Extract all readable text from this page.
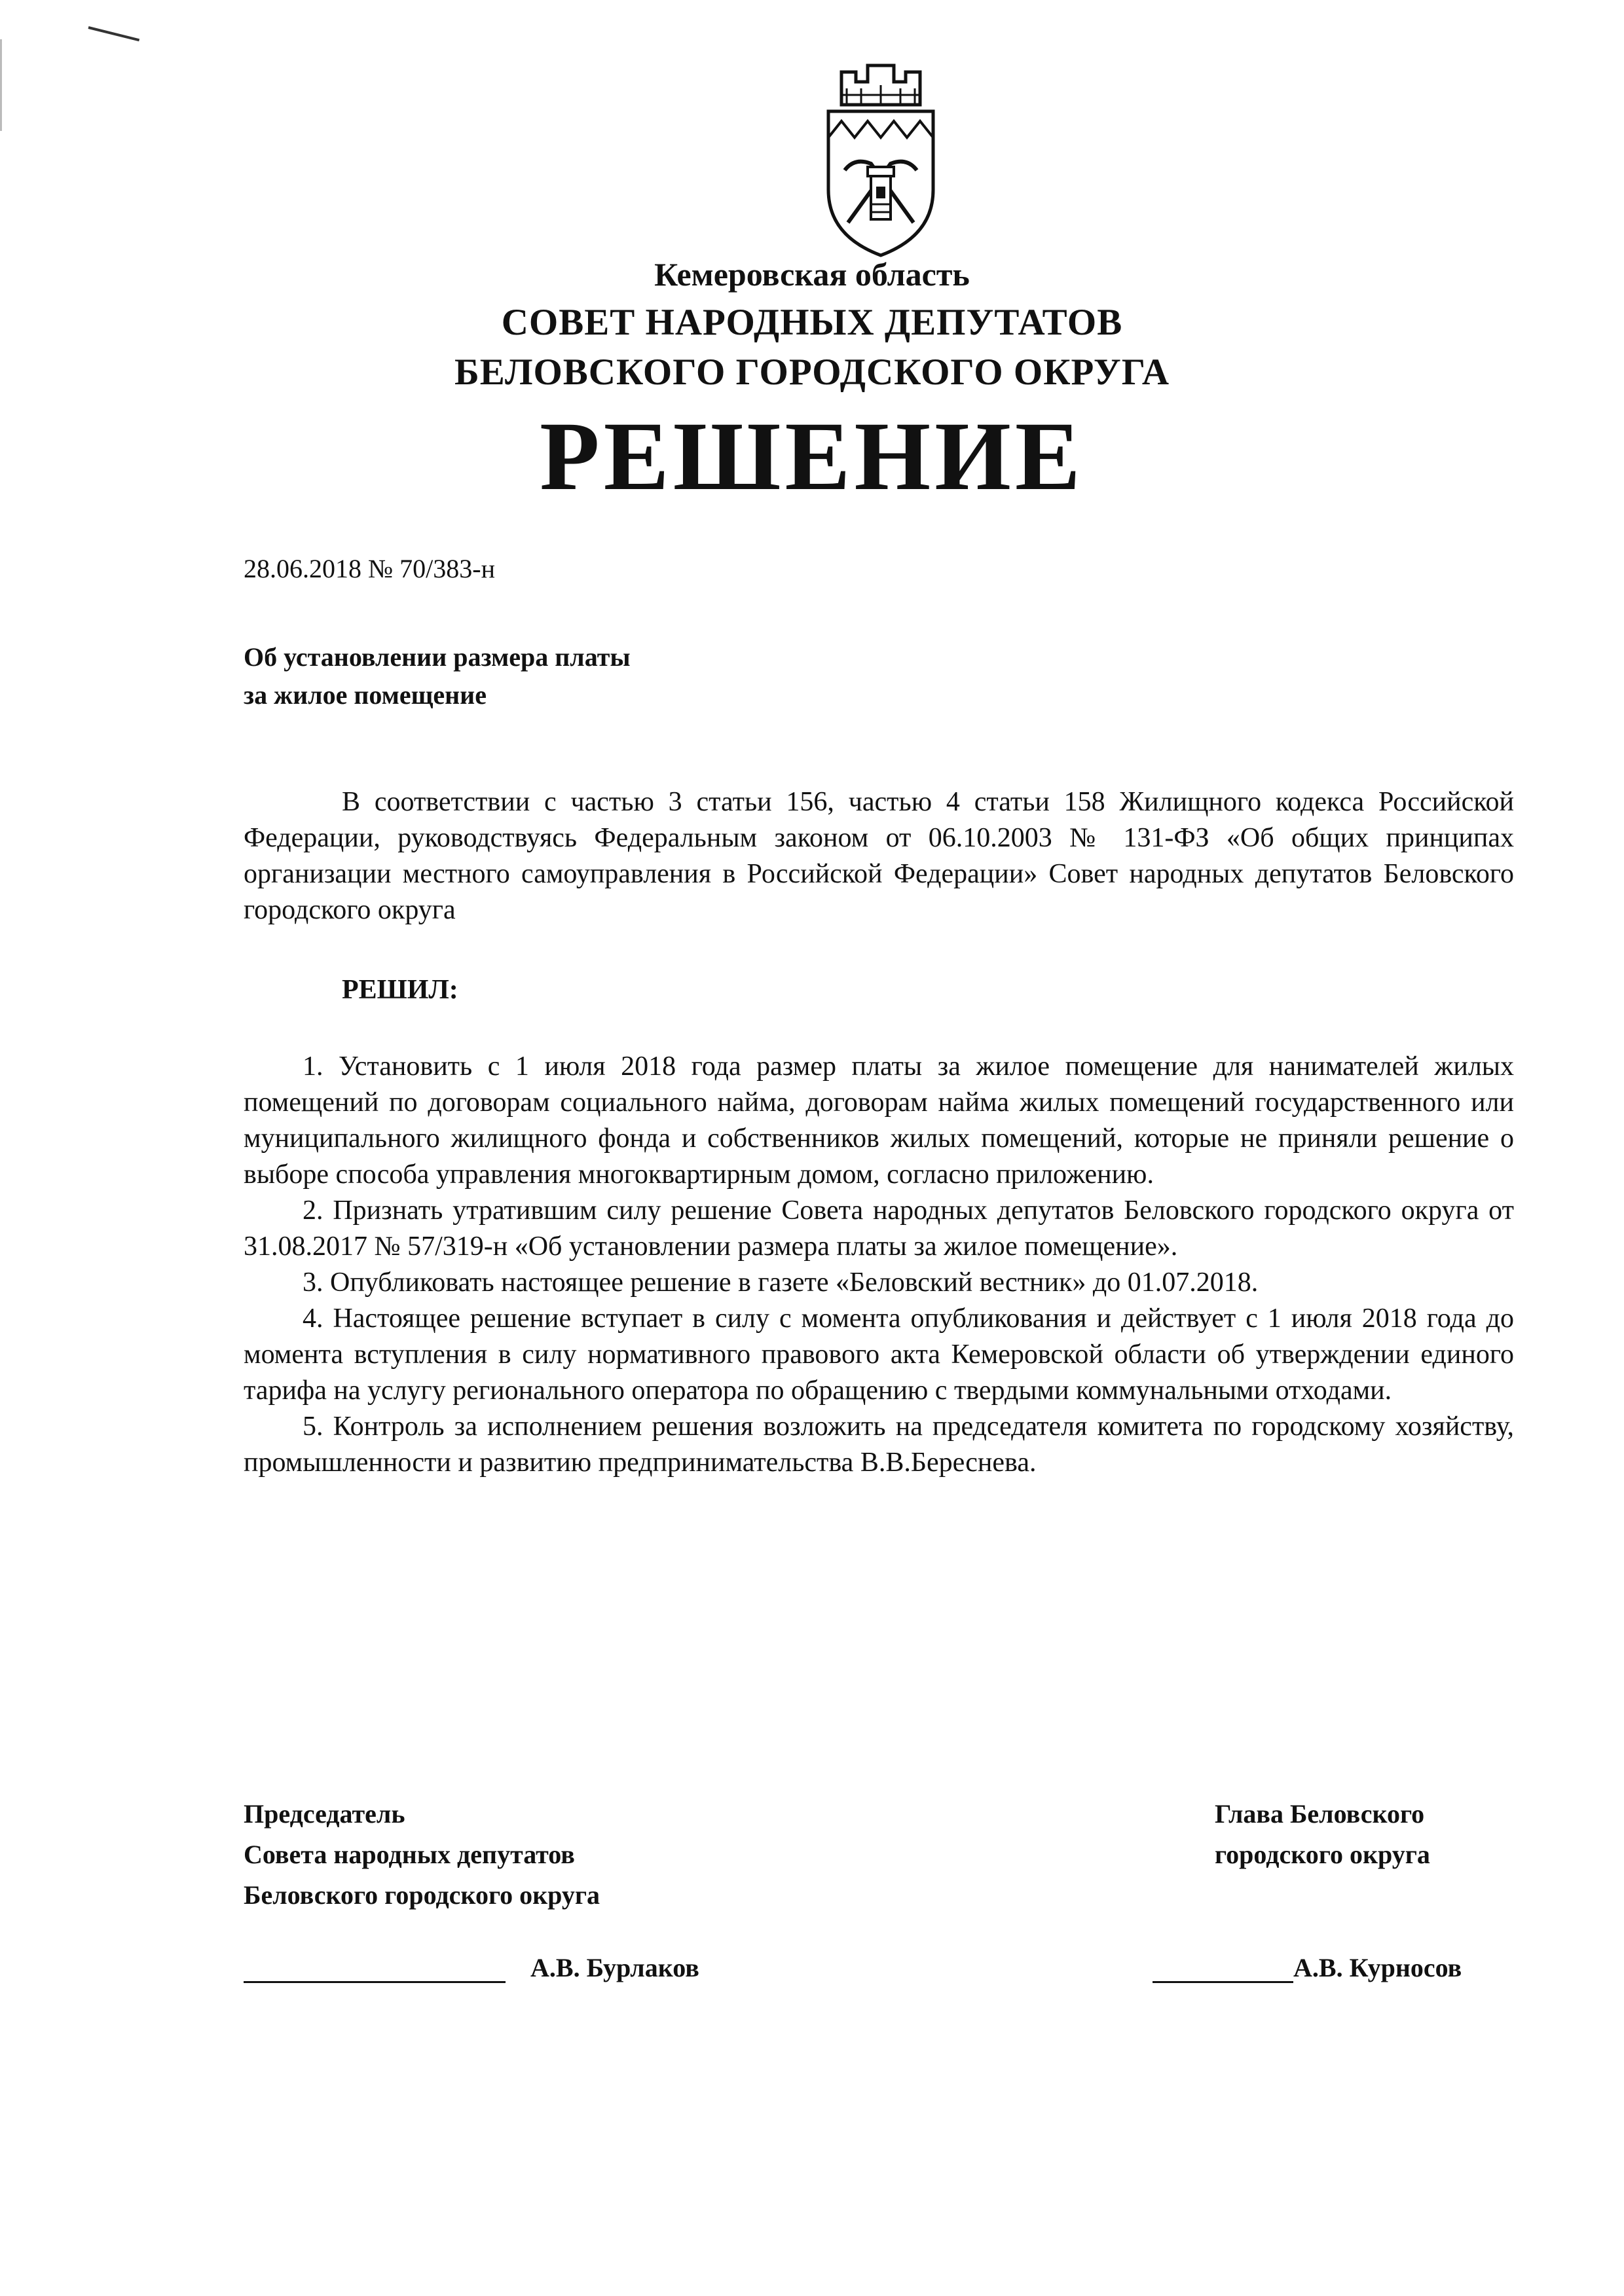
Кемеровская область
СОВЕТ НАРОДНЫХ ДЕПУТАТОВ
БЕЛОВСКОГО ГОРОДСКОГО ОКРУГА
РЕШЕНИЕ
28.06.2018 № 70/383-н
Об установлении размера платы
за жилое помещение
В соответствии с частью 3 статьи 156, частью 4 статьи 158 Жилищного кодекса Российской Федерации, руководствуясь Федеральным законом от 06.10.2003 № 131-ФЗ «Об общих принципах организации местного самоуправления в Российской Федерации» Совет народных депутатов Беловского городского округа
РЕШИЛ:

1. Установить с 1 июля 2018 года размер платы за жилое помещение для нанимателей жилых помещений по договорам социального найма, договорам найма жилых помещений государственного или муниципального жилищного фонда и собственников жилых помещений, которые не приняли решение о выборе способа управления многоквартирным домом, согласно приложению.

2. Признать утратившим силу решение Совета народных депутатов Беловского городского округа от 31.08.2017 № 57/319-н «Об установлении размера платы за жилое помещение».

3. Опубликовать настоящее решение в газете «Беловский вестник» до 01.07.2018.

4. Настоящее решение вступает в силу с момента опубликования и действует с 1 июля 2018 года до момента вступления в силу нормативного правового акта Кемеровской области об утверждении единого тарифа на услугу регионального оператора по обращению с твердыми коммунальными отходами.

5. Контроль за исполнением решения возложить на председателя комитета по городскому хозяйству, промышленности и развитию предпринимательства В.В.Береснева.

Председатель
Совета народных депутатов
Беловского городского округа
А.В. Бурлаков
Глава Беловского
городского округа
А.В. Курносов
